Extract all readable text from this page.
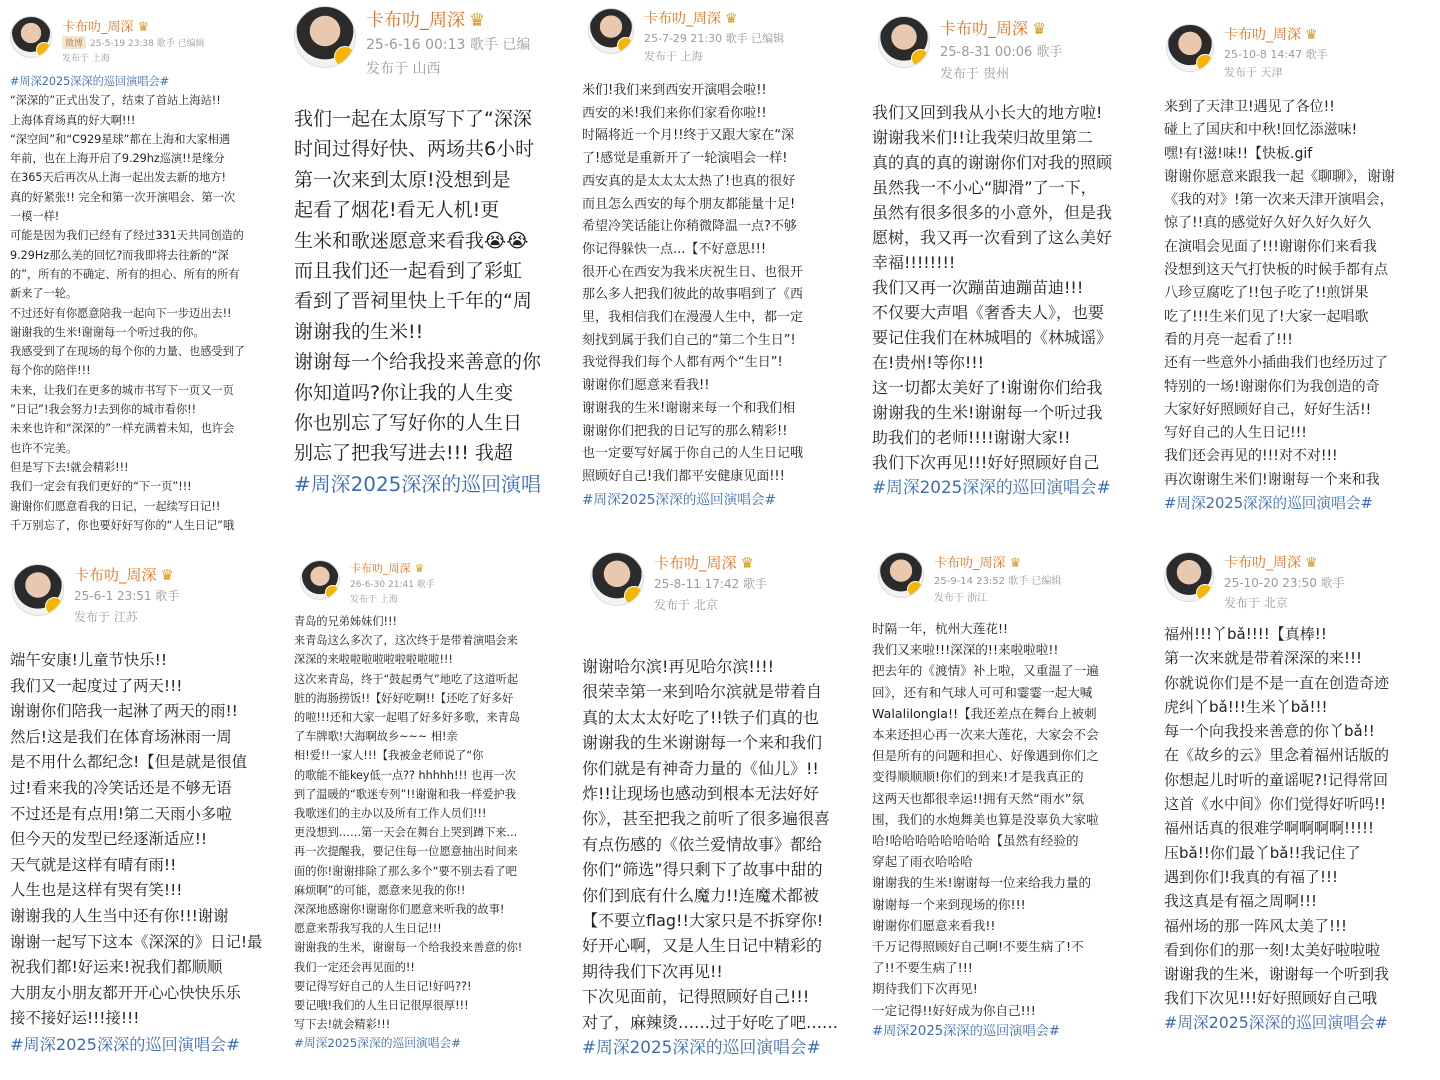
卡布叻_周深 ♛
微博 25-5-19 23:38 歌手 已编辑
发布于 上海
#周深2025深深的巡回演唱会#
“深深的”正式出发了，结束了首站上海站!!
上海体育场真的好大啊!!!
“深空间”和“C929星球”都在上海和大家相遇
年前，也在上海开启了9.29hz巡演!!是缘分
在365天后再次从上海一起出发去新的地方!
真的好紧张!! 完全和第一次开演唱会、第一次
一模一样!
可能是因为我们已经有了经过331天共同创造的
9.29Hz那么美的回忆?而我即将去往新的“深
的”，所有的不确定、所有的担心、所有的所有
新来了一轮。
不过还好有你愿意陪我一起向下一步迈出去!!
谢谢我的生米!谢谢每一个听过我的你。
我感受到了在现场的每个你的力量、也感受到了
每个你的陪伴!!!
未来，让我们在更多的城市书写下一页又一页
”日记”!我会努力!去到你的城市看你!!
未来也许和“深深的”一样充满着未知，也许会
也许不完美。
但是写下去!就会精彩!!!
我们一定会有我们更好的“下一页”!!!
谢谢你们愿意看我的日记，一起续写日记!!
千万别忘了，你也要好好写你的“人生日记”哦
卡布叻_周深 ♛
25-6-16 00:13 歌手 已编
发布于 山西
我们一起在太原写下了“深深
时间过得好快、两场共6小时
第一次来到太原!没想到是
起看了烟花!看无人机!更
生米和歌迷愿意来看我😭😭
而且我们还一起看到了彩虹
看到了晋祠里快上千年的“周
谢谢我的生米!!
谢谢每一个给我投来善意的你
你知道吗?你让我的人生变
你也别忘了写好你的人生日
别忘了把我写进去!!! 我超
#周深2025深深的巡回演唱
卡布叻_周深 ♛
25-7-29 21:30 歌手 已编辑
发布于 上海
米们!我们来到西安开演唱会啦!!
西安的米!我们来你们家看你啦!!
时隔将近一个月!!终于又跟大家在“深
了!感觉是重新开了一轮演唱会一样!
西安真的是太太太太热了!也真的很好
而且怎么西安的每个朋友都能量十足!
希望冷笑话能让你稍微降温一点?不够
你记得躲快一点...【不好意思!!!
很开心在西安为我米庆祝生日、也很开
那么多人把我们彼此的故事唱到了《西
里，我相信我们在漫漫人生中，都一定
刻找到属于我们自己的“第二个生日”!
我觉得我们每个人都有两个“生日”!
谢谢你们愿意来看我!!
谢谢我的生米!谢谢来每一个和我们相
谢谢你们把我的日记写的那么精彩!!
也一定要写好属于你自己的人生日记哦
照顾好自己!我们都平安健康见面!!!
#周深2025深深的巡回演唱会#
卡布叻_周深 ♛
25-8-31 00:06 歌手
发布于 贵州
我们又回到我从小长大的地方啦!
谢谢我米们!!让我荣归故里第二
真的真的真的谢谢你们对我的照顾
虽然我一不小心“脚滑”了一下，
虽然有很多很多的小意外，但是我
愿树，我又再一次看到了这么美好
幸福!!!!!!!!
我们又再一次蹦苗迪蹦苗迪!!!
不仅要大声唱《奢香夫人》，也要
要记住我们在林城唱的《林城谣》
在!贵州!等你!!!
这一切都太美好了!谢谢你们给我
谢谢我的生米!谢谢每一个听过我
助我们的老师!!!!谢谢大家!!
我们下次再见!!!好好照顾好自己
#周深2025深深的巡回演唱会#
卡布叻_周深 ♛
25-10-8 14:47 歌手
发布于 天津
来到了天津卫!遇见了各位!!
碰上了国庆和中秋!回忆添滋味!
嘿!有!滋!味!!【快板.gif
谢谢你愿意来跟我一起《聊聊》，谢谢
《我的对》!第一次来天津开演唱会，
惊了!!真的感觉好久好久好久好久
在演唱会见面了!!!谢谢你们来看我
没想到这天气打快板的时候手都有点
八珍豆腐吃了!!包子吃了!!煎饼果
吃了!!!生米们见了!大家一起唱歌
看的月亮一起看了!!!
还有一些意外小插曲我们也经历过了
特别的一场!谢谢你们为我创造的奇
大家好好照顾好自己，好好生活!!
写好自己的人生日记!!!
我们还会再见的!!!对不对!!!
再次谢谢生米们!谢谢每一个来和我
#周深2025深深的巡回演唱会#
卡布叻_周深 ♛
25-6-1 23:51 歌手
发布于 江苏
端午安康!儿童节快乐!!
我们又一起度过了两天!!!
谢谢你们陪我一起淋了两天的雨!!
然后!这是我们在体育场淋雨一周
是不用什么都纪念!【但是就是很值
过!看来我的冷笑话还是不够无语
不过还是有点用!第二天雨小多啦
但今天的发型已经逐渐适应!!
天气就是这样有晴有雨!!
人生也是这样有哭有笑!!!
谢谢我的人生当中还有你!!!谢谢
谢谢一起写下这本《深深的》日记!最
祝我们都!好运来!祝我们都顺顺
大朋友小朋友都开开心心快快乐乐
接不接好运!!!接!!!
#周深2025深深的巡回演唱会#
卡布叻_周深 ♛
26-6-30 21:41 歌手
发布于 上海
青岛的兄弟姊妹们!!!
来青岛这么多次了，这次终于是带着演唱会来
深深的来啦啦啦啦啦啦啦啦啦!!!
这次来青岛，终于“鼓起勇气”地吃了这道听起
脏的海肠捞饭!!【好好吃啊!!【还吃了好多好
的啦!!!还和大家一起唱了好多好多歌，来青岛
了车牌歌!大海啊故乡~~~ 相!亲
相!爱!!一家人!!!【我被金老师说了“你
的歌能不能key低一点?? hhhhh!!! 也再一次
到了温暖的“歌迷专列”!!谢谢和我一样爱护我
我歌迷们的主办以及所有工作人员们!!!
更没想到……第一天会在舞台上哭到蹲下来...
再一次提醒我，要记住每一位愿意抽出时间来
面的你!谢谢排除了那么多个“要不别去看了吧
麻烦啊”的可能，愿意来见我的你!!
深深地感谢你!谢谢你们愿意来听我的故事!
愿意来帮我写我的人生日记!!!
谢谢我的生米，谢谢每一个给我投来善意的你!
我们一定还会再见面的!!
要记得写好自己的人生日记!好吗??!
要记哦!我们的人生日记很厚很厚!!!
写下去!就会精彩!!!
#周深2025深深的巡回演唱会#
卡布叻_周深 ♛
25-8-11 17:42 歌手
发布于 北京
谢谢哈尔滨!再见哈尔滨!!!!
很荣幸第一来到哈尔滨就是带着自
真的太太太好吃了!!铁子们真的也
谢谢我的生米谢谢每一个来和我们
你们就是有神奇力量的《仙儿》!!
炸!!让现场也感动到根本无法好好
你》，甚至把我之前听了很多遍很喜
有点伤感的《依兰爱情故事》都给
你们“筛选”得只剩下了故事中甜的
你们到底有什么魔力!!连魔术都被
【不要立flag!!大家只是不拆穿你!
好开心啊，又是人生日记中精彩的
期待我们下次再见!!
下次见面前，记得照顾好自己!!!
对了，麻辣烫……过于好吃了吧……
#周深2025深深的巡回演唱会#
卡布叻_周深 ♛
25-9-14 23:52 歌手 已编辑
发布于 浙江
时隔一年，杭州大莲花!!
我们又来啦!!!深深的!!来啦啦啦!!
把去年的《渡情》补上啦，又重温了一遍
回》，还有和气球人可可和霎霎一起大喊
Walalilongla!!【我还差点在舞台上被刺
本来还担心再一次来大莲花，大家会不会
但是所有的问题和担心、好像遇到你们之
变得顺顺顺!你们的到来!才是我真正的
这两天也都很幸运!!拥有天然“雨水”氛
围，我们的水炮舞美也算是没辜负大家啦
哈!哈哈哈哈哈哈哈哈【虽然有经验的
穿起了雨衣哈哈哈
谢谢我的生米!谢谢每一位来给我力量的
谢谢每一个来到现场的你!!!
谢谢你们愿意来看我!!
千万记得照顾好自己啊!不要生病了!不
了!!不要生病了!!!
期待我们下次再见!
一定记得!!好好成为你自己!!!
#周深2025深深的巡回演唱会#
卡布叻_周深 ♛
25-10-20 23:50 歌手
发布于 北京
福州!!!丫bǎ!!!!【真棒!!
第一次来就是带着深深的来!!!
你就说你们是不是一直在创造奇迹
虎纠丫bǎ!!!生米丫bǎ!!!
每一个向我投来善意的你丫bǎ!!
在《故乡的云》里念着福州话版的
你想起儿时听的童谣呢?!记得常回
这首《水中间》你们觉得好听吗!!
福州话真的很难学啊啊啊啊!!!!!
压bǎ!!你们最丫bǎ!!我记住了
遇到你们!我真的有福了!!!
我这真是有福之周啊!!!
福州场的那一阵风太美了!!!
看到你们的那一刻!太美好啦啦啦
谢谢我的生米，谢谢每一个听到我
我们下次见!!!好好照顾好自己哦
#周深2025深深的巡回演唱会#
